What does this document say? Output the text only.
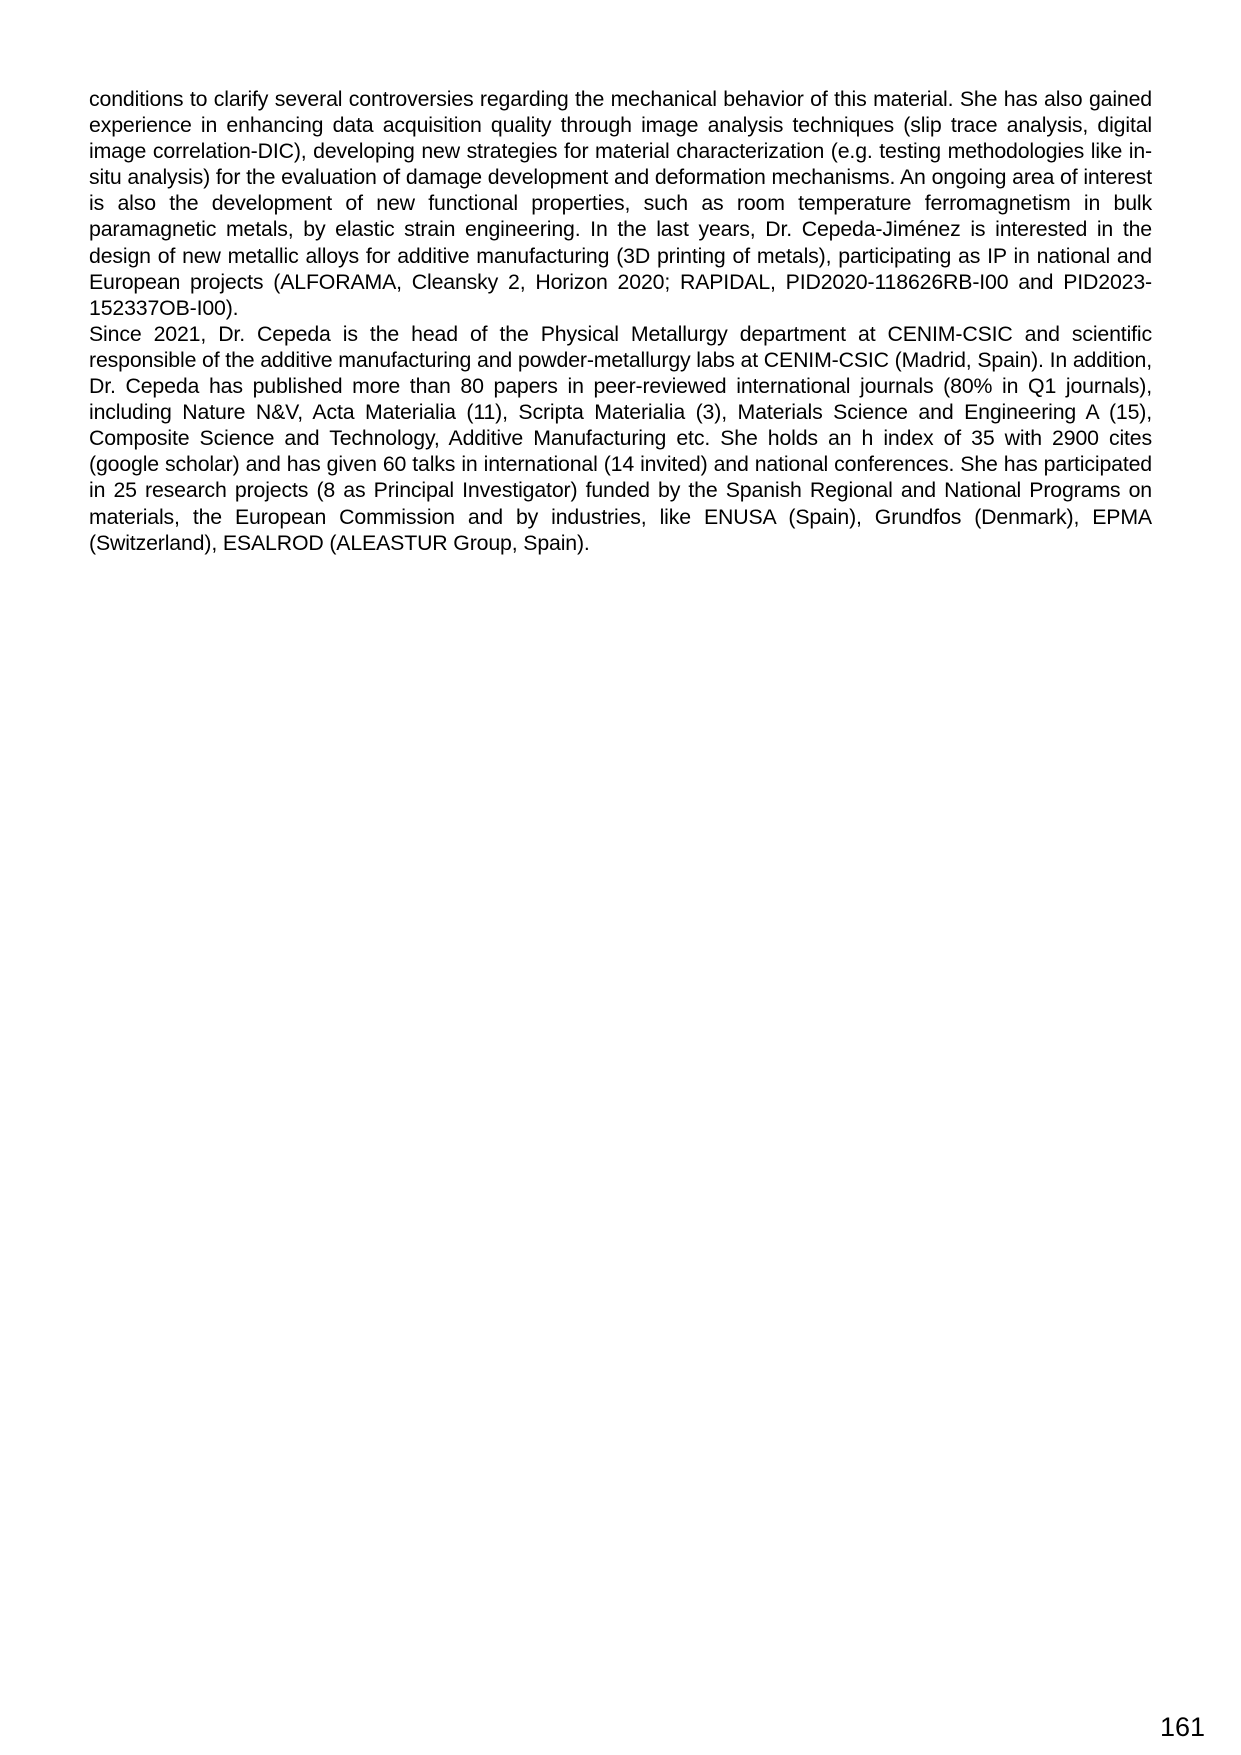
conditions to clarify several controversies regarding the mechanical behavior of this material. She has also gained experience in enhancing data acquisition quality through image analysis techniques (slip trace analysis, digital image correlation-DIC), developing new strategies for material characterization (e.g. testing methodologies like in-situ analysis) for the evaluation of damage development and deformation mechanisms. An ongoing area of interest is also the development of new functional properties, such as room temperature ferromagnetism in bulk paramagnetic metals, by elastic strain engineering. In the last years, Dr. Cepeda-Jiménez is interested in the design of new metallic alloys for additive manufacturing (3D printing of metals), participating as IP in national and European projects (ALFORAMA, Cleansky 2, Horizon 2020; RAPIDAL, PID2020-118626RB-I00 and PID2023-152337OB-I00).

Since 2021, Dr. Cepeda is the head of the Physical Metallurgy department at CENIM-CSIC and scientific responsible of the additive manufacturing and powder-metallurgy labs at CENIM-CSIC (Madrid, Spain). In addition, Dr. Cepeda has published more than 80 papers in peer-reviewed international journals (80% in Q1 journals), including Nature N&V, Acta Materialia (11), Scripta Materialia (3), Materials Science and Engineering A (15), Composite Science and Technology, Additive Manufacturing etc. She holds an h index of 35 with 2900 cites (google scholar) and has given 60 talks in international (14 invited) and national conferences. She has participated in 25 research projects (8 as Principal Investigator) funded by the Spanish Regional and National Programs on materials, the European Commission and by industries, like ENUSA (Spain), Grundfos (Denmark), EPMA (Switzerland), ESALROD (ALEASTUR Group, Spain).

161
